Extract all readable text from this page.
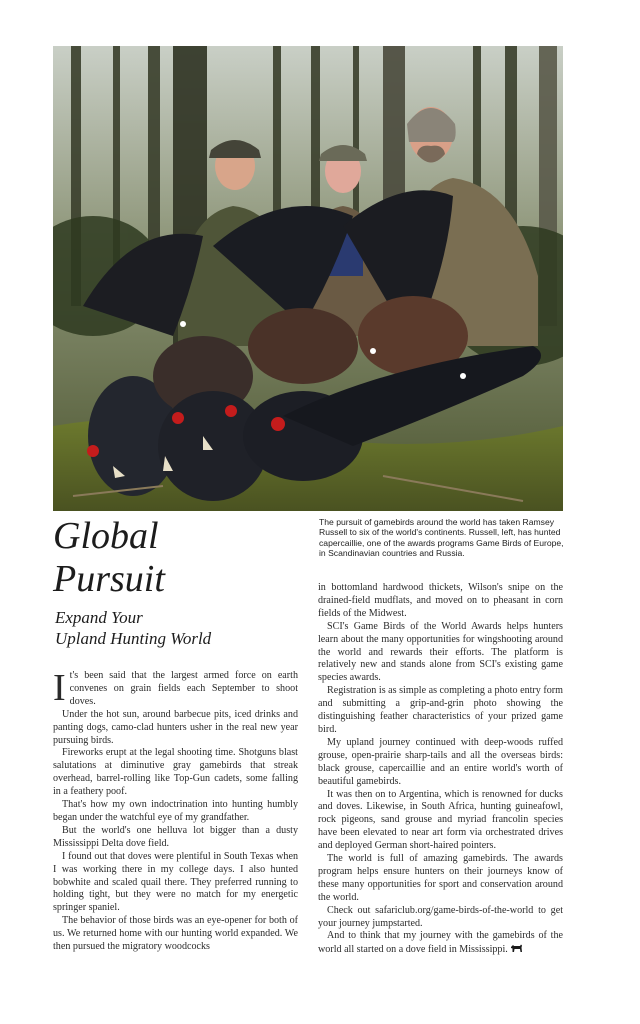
Global
Pursuit
Expand Your
Upland Hunting World
The pursuit of gamebirds around the world has taken Ramsey Russell to six of the world's continents. Russell, left, has hunted capercaillie, one of the awards programs Game Birds of Europe, in Scandinavian countries and Russia.

It's been said that the largest armed force on earth convenes on grain fields each September to shoot doves.

Under the hot sun, around barbecue pits, iced drinks and panting dogs, camo-clad hunters usher in the real new year pursuing birds.

Fireworks erupt at the legal shooting time. Shotguns blast salutations at diminutive gray gamebirds that streak overhead, barrel-rolling like Top-Gun cadets, some falling in a feathery poof.

That's how my own indoctrination into hunting humbly began under the watchful eye of my grandfather.

But the world's one helluva lot bigger than a dusty Mississippi Delta dove field.

I found out that doves were plentiful in South Texas when I was working there in my college days. I also hunted bobwhite and scaled quail there. They preferred running to holding tight, but they were no match for my energetic springer spaniel.

The behavior of those birds was an eye-opener for both of us. We returned home with our hunting world expanded. We then pursued the migratory woodcocks

in bottomland hardwood thickets, Wilson's snipe on the drained-field mudflats, and moved on to pheasant in corn fields of the Midwest.

SCI's Game Birds of the World Awards helps hunters learn about the many opportunities for wingshooting around the world and rewards their efforts. The platform is relatively new and stands alone from SCI's existing game species awards.

Registration is as simple as completing a photo entry form and submitting a grip-and-grin photo showing the distinguishing feather characteristics of your prized game bird.

My upland journey continued with deep-woods ruffed grouse, open-prairie sharp-tails and all the overseas birds: black grouse, capercaillie and an entire world's worth of beautiful gamebirds.

It was then on to Argentina, which is renowned for ducks and doves. Likewise, in South Africa, hunting guineafowl, rock pigeons, sand grouse and myriad francolin species have been elevated to near art form via orchestrated drives and deployed German short-haired pointers.

The world is full of amazing gamebirds. The awards program helps ensure hunters on their journeys know of these many opportunities for sport and conservation around the world.

Check out safariclub.org/game-birds-of-the-world to get your journey jumpstarted.

And to think that my journey with the gamebirds of the world all started on a dove field in Mississippi.
